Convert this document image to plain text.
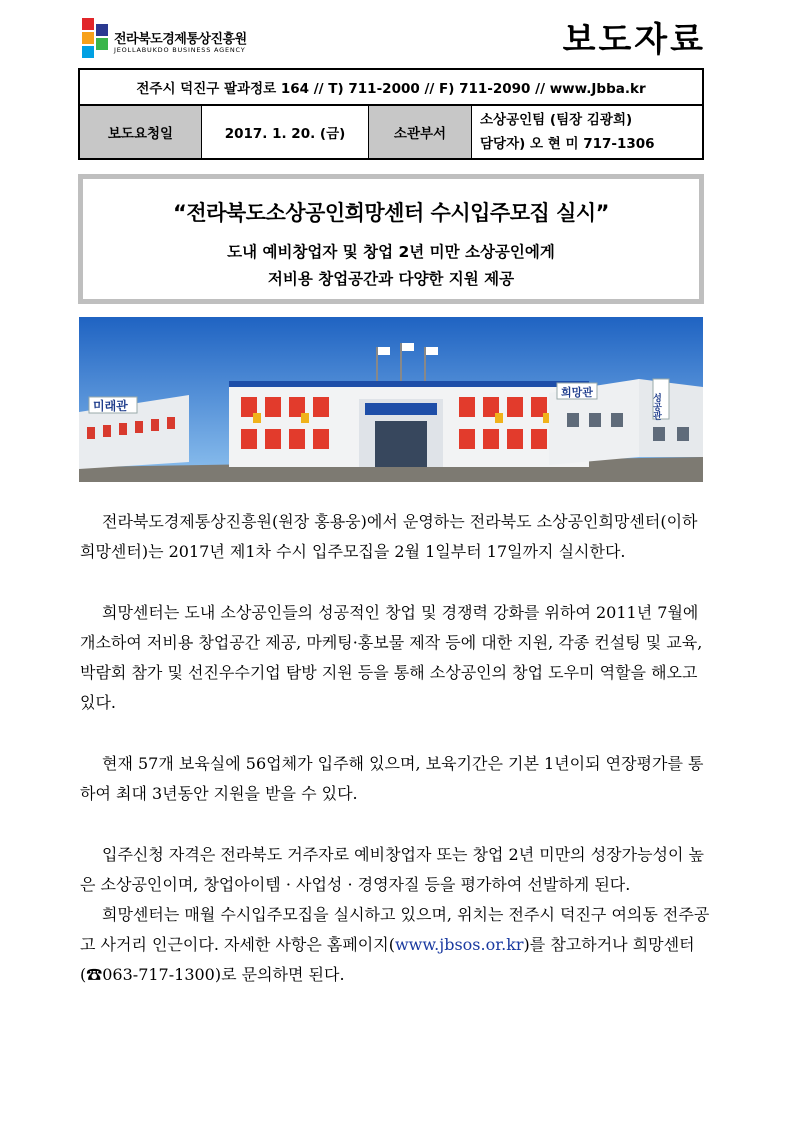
전라북도경제통상진흥원
JEOLLABUKDO BUSINESS AGENCY	보도자료
전주시 덕진구 팔과정로 164 // T) 711-2000 // F) 711-2090 // www.Jbba.kr
보도요청일	2017. 1. 20. (금)	소관부서	
소상공인팀 (팀장 김광희)
담당자) 오 현 미 717-1306
“전라북도소상공인희망센터 수시입주모집 실시”
도내 예비창업자 및 창업 2년 미만 소상공인에게
저비용 창업공간과 다양한 지원 제공
미래관
희망관
성공관

전라북도경제통상진흥원(원장 홍용웅)에서 운영하는 전라북도 소상공인희망센터(이하 희망센터)는 2017년 제1차 수시 입주모집을 2월 1일부터 17일까지 실시한다.

희망센터는 도내 소상공인들의 성공적인 창업 및 경쟁력 강화를 위하여 2011년 7월에 개소하여 저비용 창업공간 제공, 마케팅·홍보물 제작 등에 대한 지원, 각종 컨설팅 및 교육, 박람회 참가 및 선진우수기업 탐방 지원 등을 통해 소상공인의 창업 도우미 역할을 해오고 있다.

현재 57개 보육실에 56업체가 입주해 있으며, 보육기간은 기본 1년이되 연장평가를 통하여 최대 3년동안 지원을 받을 수 있다.

입주신청 자격은 전라북도 거주자로 예비창업자 또는 창업 2년 미만의 성장가능성이 높은 소상공인이며, 창업아이템 · 사업성 · 경영자질 등을 평가하여 선발하게 된다.

희망센터는 매월 수시입주모집을 실시하고 있으며, 위치는 전주시 덕진구 여의동 전주공고 사거리 인근이다. 자세한 사항은 홈페이지(www.jbsos.or.kr)를 참고하거나 희망센터(☎063-717-1300)로 문의하면 된다.
